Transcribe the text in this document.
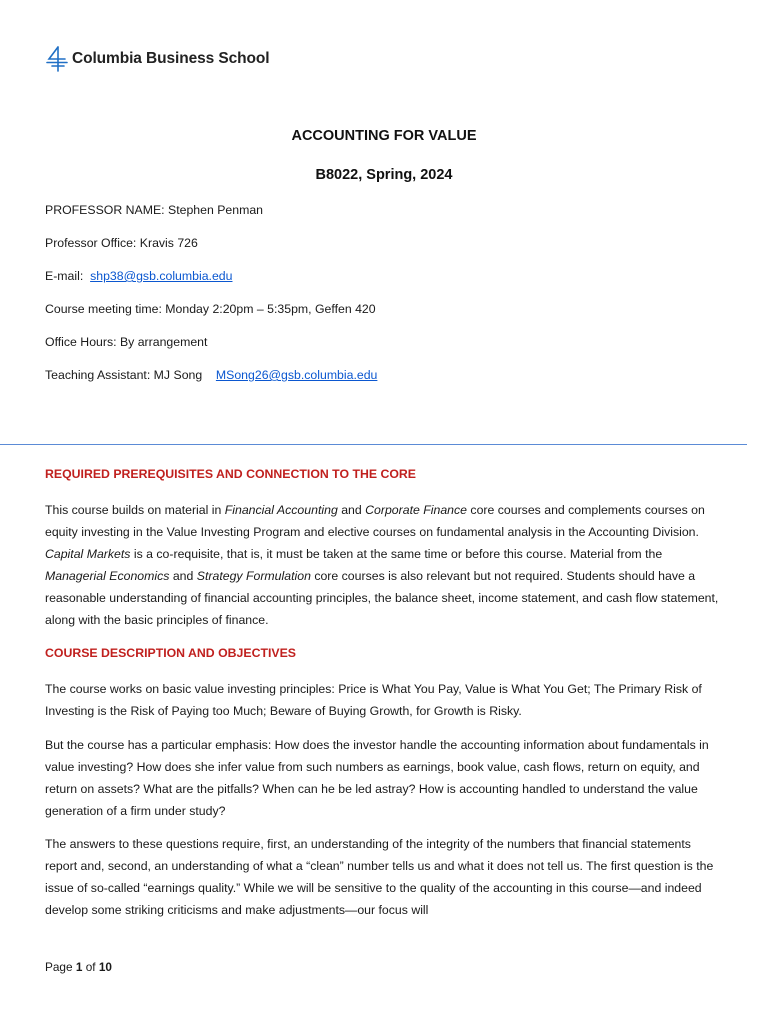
Columbia Business School
ACCOUNTING FOR VALUE
B8022, Spring, 2024
PROFESSOR NAME: Stephen Penman
Professor Office: Kravis 726
E-mail: shp38@gsb.columbia.edu
Course meeting time: Monday 2:20pm – 5:35pm, Geffen 420
Office Hours: By arrangement
Teaching Assistant: MJ Song MSong26@gsb.columbia.edu
REQUIRED PREREQUISITES AND CONNECTION TO THE CORE
This course builds on material in Financial Accounting and Corporate Finance core courses and complements courses on equity investing in the Value Investing Program and elective courses on fundamental analysis in the Accounting Division. Capital Markets is a co-requisite, that is, it must be taken at the same time or before this course. Material from the Managerial Economics and Strategy Formulation core courses is also relevant but not required. Students should have a reasonable understanding of financial accounting principles, the balance sheet, income statement, and cash flow statement, along with the basic principles of finance.
COURSE DESCRIPTION AND OBJECTIVES
The course works on basic value investing principles: Price is What You Pay, Value is What You Get; The Primary Risk of Investing is the Risk of Paying too Much; Beware of Buying Growth, for Growth is Risky.
But the course has a particular emphasis: How does the investor handle the accounting information about fundamentals in value investing? How does she infer value from such numbers as earnings, book value, cash flows, return on equity, and return on assets? What are the pitfalls? When can he be led astray? How is accounting handled to understand the value generation of a firm under study?
The answers to these questions require, first, an understanding of the integrity of the numbers that financial statements report and, second, an understanding of what a “clean” number tells us and what it does not tell us. The first question is the issue of so-called “earnings quality.” While we will be sensitive to the quality of the accounting in this course—and indeed develop some striking criticisms and make adjustments—our focus will
Page 1 of 10
